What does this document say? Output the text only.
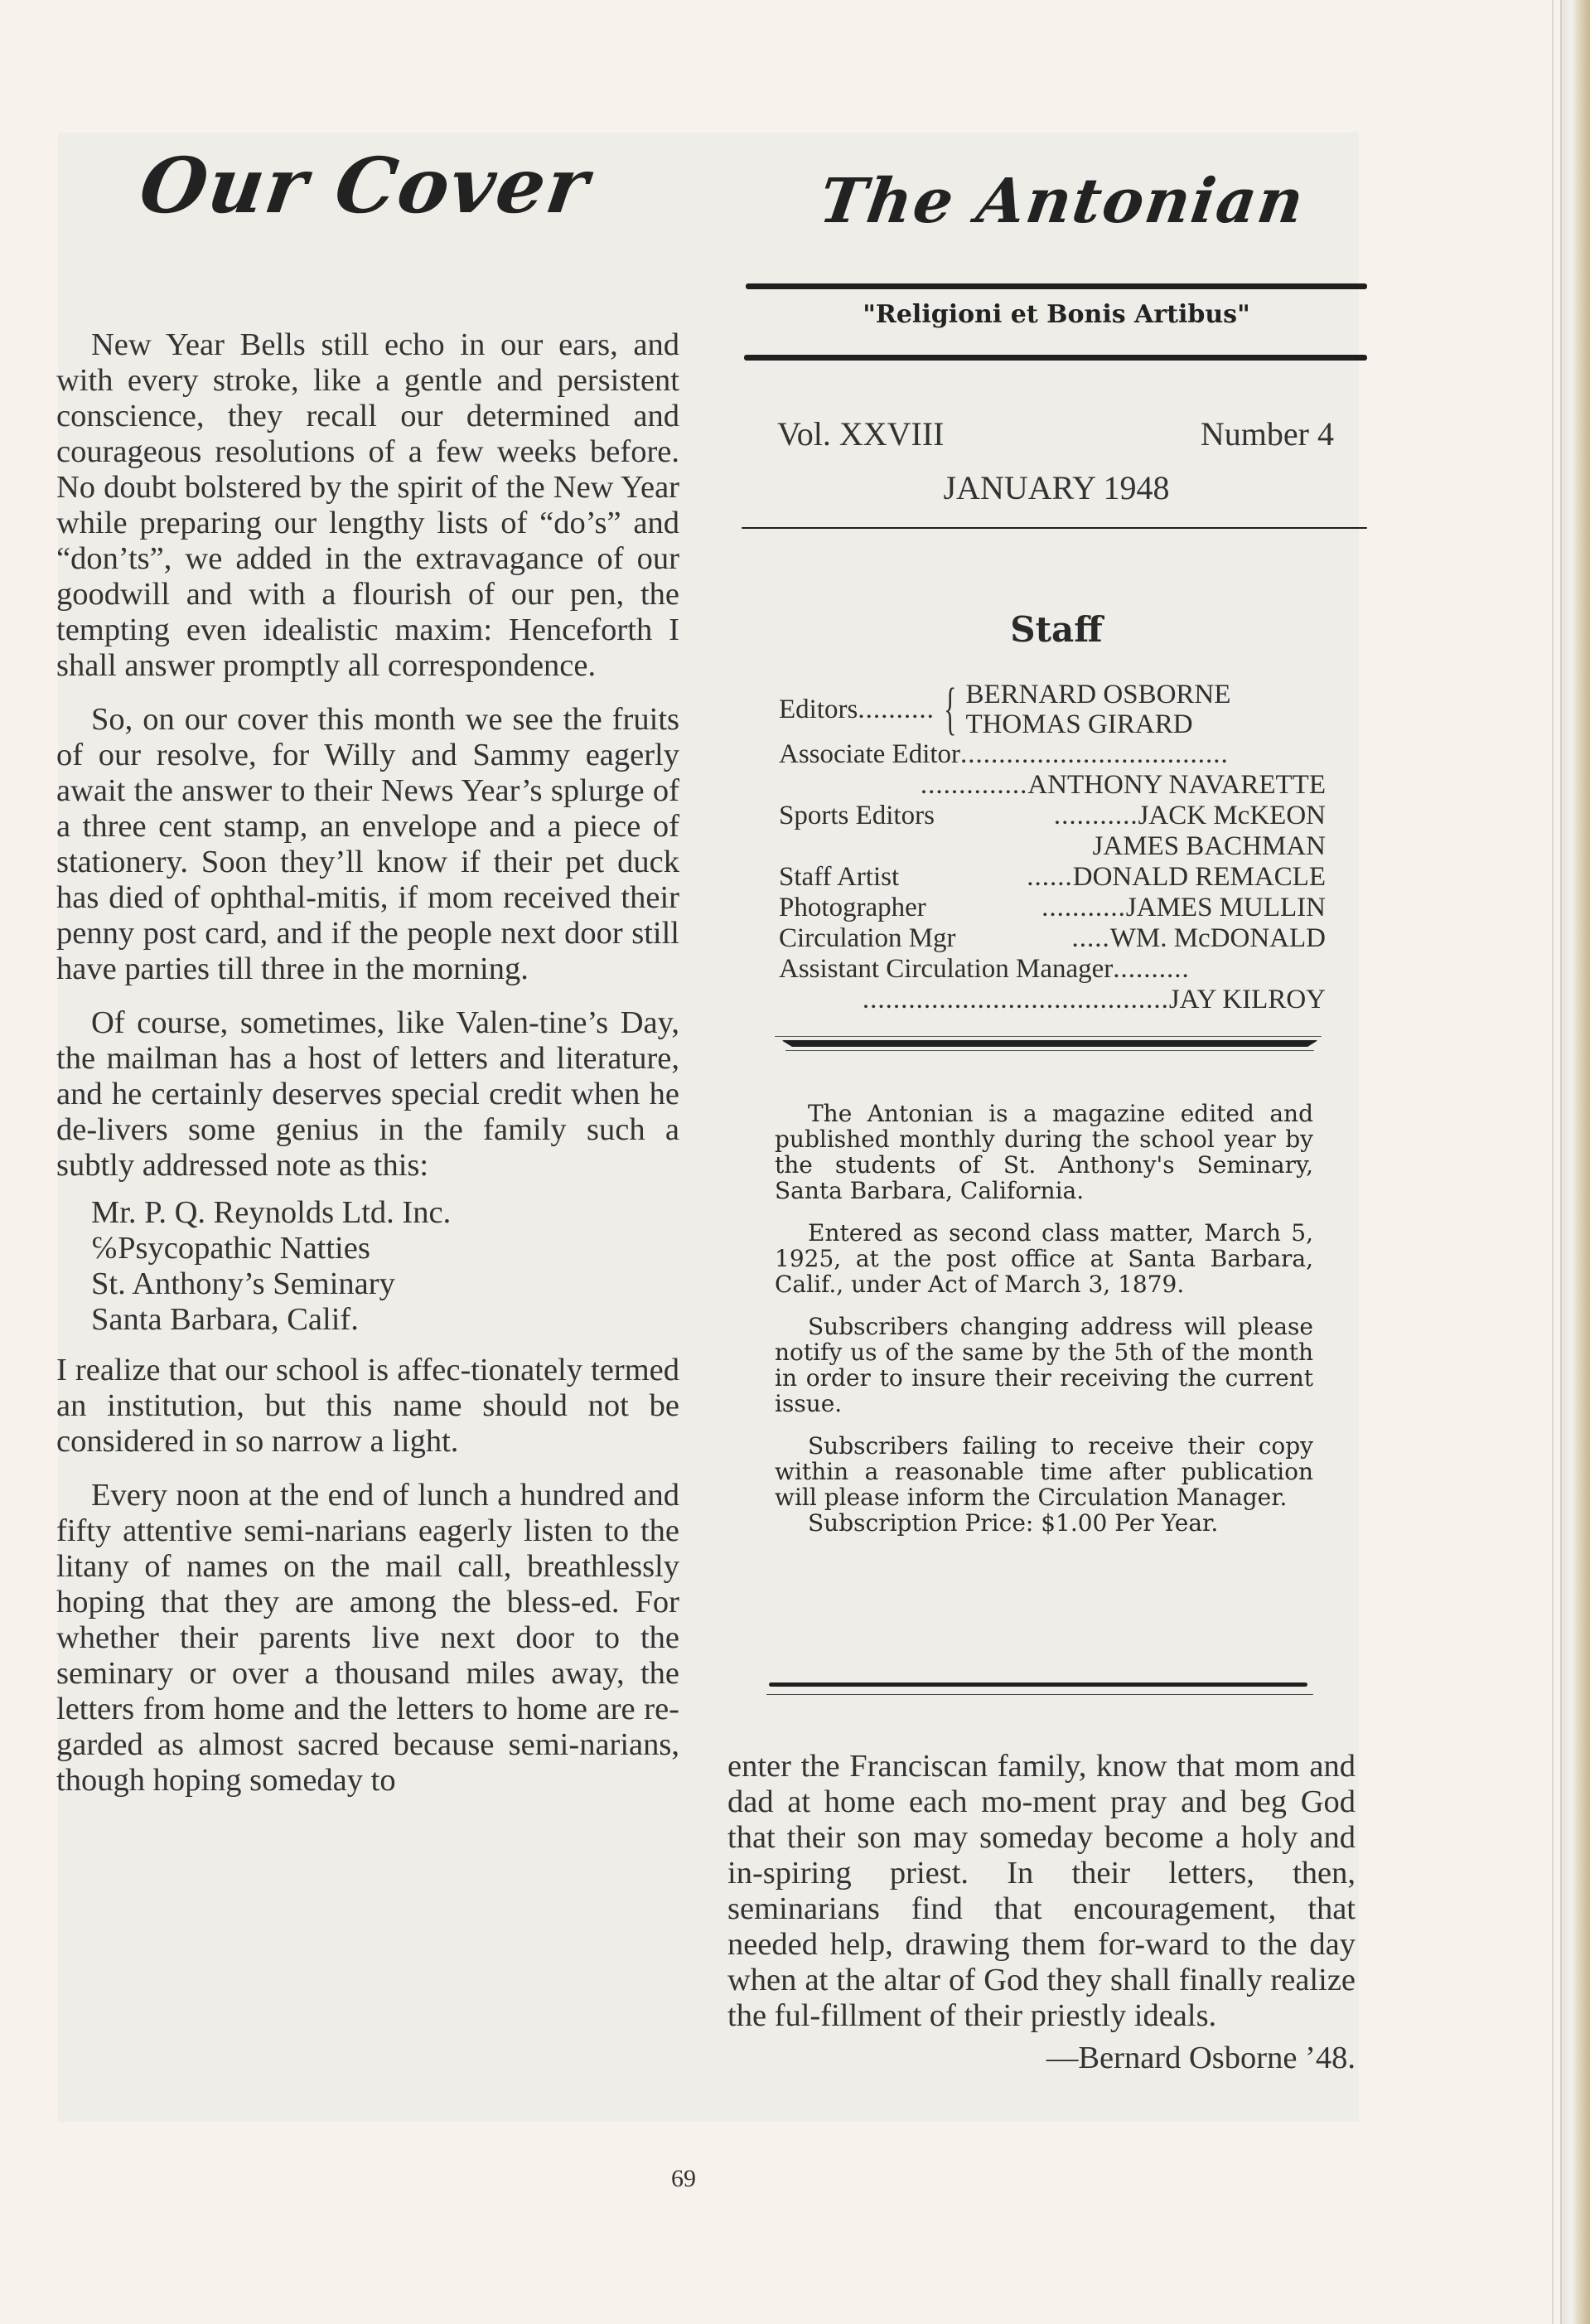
Our Cover	The Antonian
"Religioni et Bonis Artibus"
Vol. XXVIII	Number 4
JANUARY 1948
Staff
Editors .......... { BERNARD OSBORNE
THOMAS GIRARD
Associate Editor ...................................
..............ANTHONY NAVARETTE
Sports Editors	...........JACK McKEON
JAMES BACHMAN
Staff Artist	......DONALD REMACLE
Photographer	...........JAMES MULLIN
Circulation Mgr	.....WM. McDONALD
Assistant Circulation Manager ..........
........................................JAY KILROY

The Antonian is a magazine edited and published monthly during the school year by the students of St. Anthony's Seminary, Santa Barbara, California.

Entered as second class matter, March 5, 1925, at the post office at Santa Barbara, Calif., under Act of March 3, 1879.

Subscribers changing address will please notify us of the same by the 5th of the month in order to insure their receiving the current issue.

Subscribers failing to receive their copy within a reasonable time after publication will please inform the Circulation Manager.

Subscription Price: $1.00 Per Year.

New Year Bells still echo in our ears, and with every stroke, like a gentle and persistent conscience, they recall our determined and courageous resolutions of a few weeks before. No doubt bolstered by the spirit of the New Year while preparing our lengthy lists of “do’s” and “don’ts”, we added in the extravagance of our goodwill and with a flourish of our pen, the tempting even idealistic maxim: Henceforth I shall answer promptly all correspondence.

So, on our cover this month we see the fruits of our resolve, for Willy and Sammy eagerly await the answer to their News Year’s splurge of a three cent stamp, an envelope and a piece of stationery. Soon they’ll know if their pet duck has died of ophthal-mitis, if mom received their penny post card, and if the people next door still have parties till three in the morning.

Of course, sometimes, like Valen-tine’s Day, the mailman has a host of letters and literature, and he certainly deserves special credit when he de-livers some genius in the family such a subtly addressed note as this:

Mr. P. Q. Reynolds Ltd. Inc.
℅Psycopathic Natties
St. Anthony’s Seminary
Santa Barbara, Calif.

I realize that our school is affec-tionately termed an institution, but this name should not be considered in so narrow a light.

Every noon at the end of lunch a hundred and fifty attentive semi-narians eagerly listen to the litany of names on the mail call, breathlessly hoping that they are among the bless-ed. For whether their parents live next door to the seminary or over a thousand miles away, the letters from home and the letters to home are re-garded as almost sacred because semi-narians, though hoping someday to	enter the Franciscan family, know that mom and dad at home each mo-ment pray and beg God that their son may someday become a holy and in-spiring priest. In their letters, then, seminarians find that encouragement, that needed help, drawing them for-ward to the day when at the altar of God they shall finally realize the ful-fillment of their priestly ideals.

—Bernard Osborne ’48.
69
